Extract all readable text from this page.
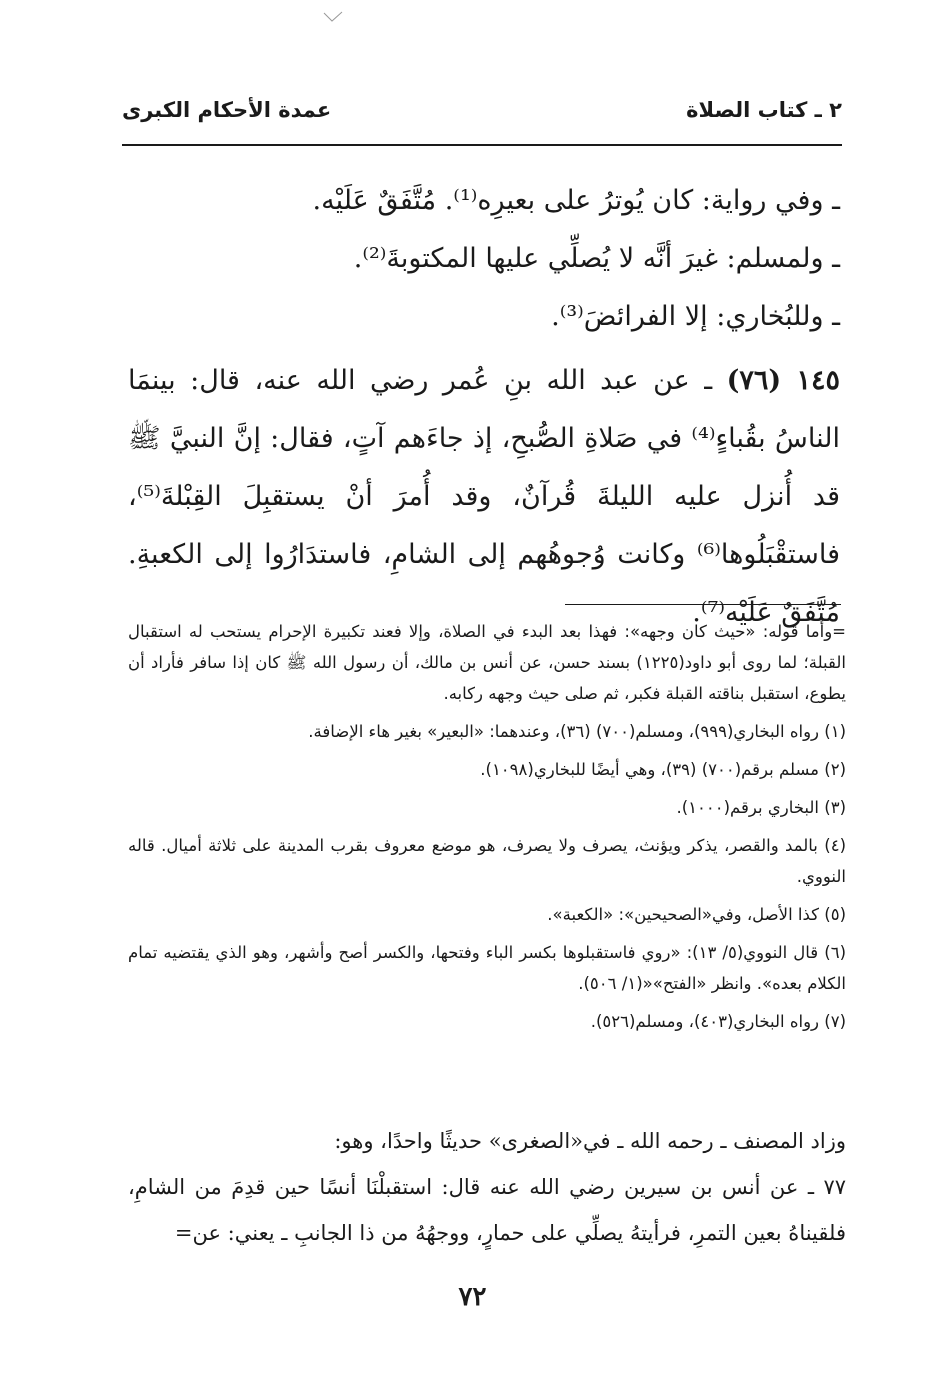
٢ ـ كتاب الصلاة
عمدة الأحكام الكبرى

ـ وفي رواية: كان يُوترُ على بعيرِه⁽¹⁾. مُتَّفَقٌ عَلَيْه.

ـ ولمسلم: غيرَ أنَّه لا يُصلِّي عليها المكتوبةَ⁽²⁾.

ـ وللبُخاري: إلا الفرائضَ⁽³⁾.

١٤٥ (٧٦) ـ عن عبد الله بنِ عُمر رضي الله عنه، قال: بينمَا الناسُ بقُباءٍ⁽⁴⁾ في صَلاةِ الصُّبحِ، إذ جاءَهم آتٍ، فقال: إنَّ النبيَّ ﷺ قد أُنزل عليه الليلةَ قُرآنٌ، وقد أُمرَ أنْ يستقبِلَ القِبْلةَ⁽⁵⁾، فاستقْبَلُوها⁽⁶⁾ وكانت وُجوهُهم إلى الشامِ، فاستدَارُوا إلى الكعبةِ. مُتَّفَقٌ عَلَيْه⁽⁷⁾.

=وأما قوله: «حيث كان وجهه»: فهذا بعد البدء في الصلاة، وإلا فعند تكبيرة الإحرام يستحب له استقبال القبلة؛ لما روى أبو داود(١٢٢٥) بسند حسن، عن أنس بن مالك، أن رسول الله ﷺ كان إذا سافر فأراد أن يطوع، استقبل بناقته القبلة فكبر، ثم صلى حيث وجهه ركابه.

(١) رواه البخاري(٩٩٩)، ومسلم(٧٠٠) (٣٦)، وعندهما: «البعير» بغير هاء الإضافة.

(٢) مسلم برقم(٧٠٠) (٣٩)، وهي أيضًا للبخاري(١٠٩٨).

(٣) البخاري برقم(١٠٠٠).

(٤) بالمد والقصر، يذكر ويؤنث، يصرف ولا يصرف، هو موضع معروف بقرب المدينة على ثلاثة أميال. قاله النووي.

(٥) كذا الأصل، وفي«الصحيحين»: «الكعبة».

(٦) قال النووي(٥/ ١٣): «روي فاستقبلوها بكسر الباء وفتحها، والكسر أصح وأشهر، وهو الذي يقتضيه تمام الكلام بعده». وانظر «الفتح»«(١/ ٥٠٦).

(٧) رواه البخاري(٤٠٣)، ومسلم(٥٢٦).

وزاد المصنف ـ رحمه الله ـ في«الصغرى» حديثًا واحدًا، وهو:

٧٧ ـ عن أنس بن سيرين رضي الله عنه قال: استقبلْنَا أنسًا حين قدِمَ من الشامِ، فلقيناهُ بعين التمرِ، فرأيتهُ يصلِّي على حمارٍ، ووجهُهُ من ذا الجانبِ ـ يعني: عن=

٧٢
